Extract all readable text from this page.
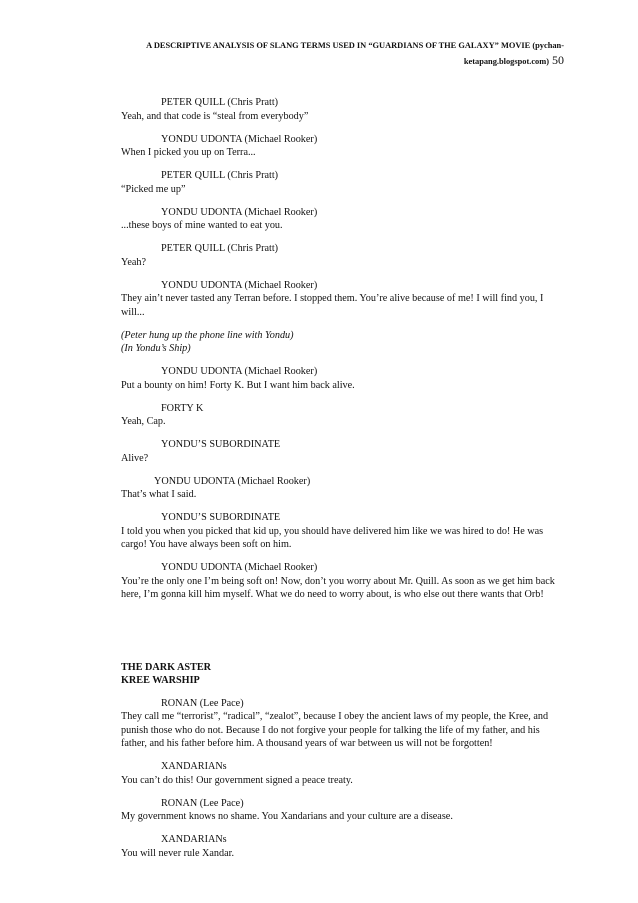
A DESCRIPTIVE ANALYSIS OF SLANG TERMS USED IN “GUARDIANS OF THE GALAXY” MOVIE (pychan-
ketapang.blogspot.com) 50
PETER QUILL (Chris Pratt)
Yeah, and that code is “steal from everybody”
YONDU UDONTA (Michael Rooker)
When I picked you up on Terra...
PETER QUILL (Chris Pratt)
“Picked me up”
YONDU UDONTA (Michael Rooker)
...these boys of mine wanted to eat you.
PETER QUILL (Chris Pratt)
Yeah?
YONDU UDONTA (Michael Rooker)
They ain’t never tasted any Terran before. I stopped them. You’re alive because of me! I will find you, I will...
(Peter hung up the phone line with Yondu)
(In Yondu’s Ship)
YONDU UDONTA (Michael Rooker)
Put a bounty on him! Forty K. But I want him back alive.
FORTY K
Yeah, Cap.
YONDU’S SUBORDINATE
Alive?
YONDU UDONTA (Michael Rooker)
That’s what I said.
YONDU’S SUBORDINATE
I told you when you picked that kid up, you should have delivered him like we was hired to do! He was cargo! You have always been soft on him.
YONDU UDONTA (Michael Rooker)
You’re the only one I’m being soft on! Now, don’t you worry about Mr. Quill. As soon as we get him back here, I’m gonna kill him myself. What we do need to worry about, is who else out there wants that Orb!
THE DARK ASTER
KREE WARSHIP
RONAN (Lee Pace)
They call me “terrorist”, “radical”, “zealot”, because I obey the ancient laws of my people, the Kree, and punish those who do not. Because I do not forgive your people for talking the life of my father, and his father, and his father before him. A thousand years of war between us will not be forgotten!
XANDARIANs
You can’t do this! Our government signed a peace treaty.
RONAN (Lee Pace)
My government knows no shame. You Xandarians and your culture are a disease.
XANDARIANs
You will never rule Xandar.
